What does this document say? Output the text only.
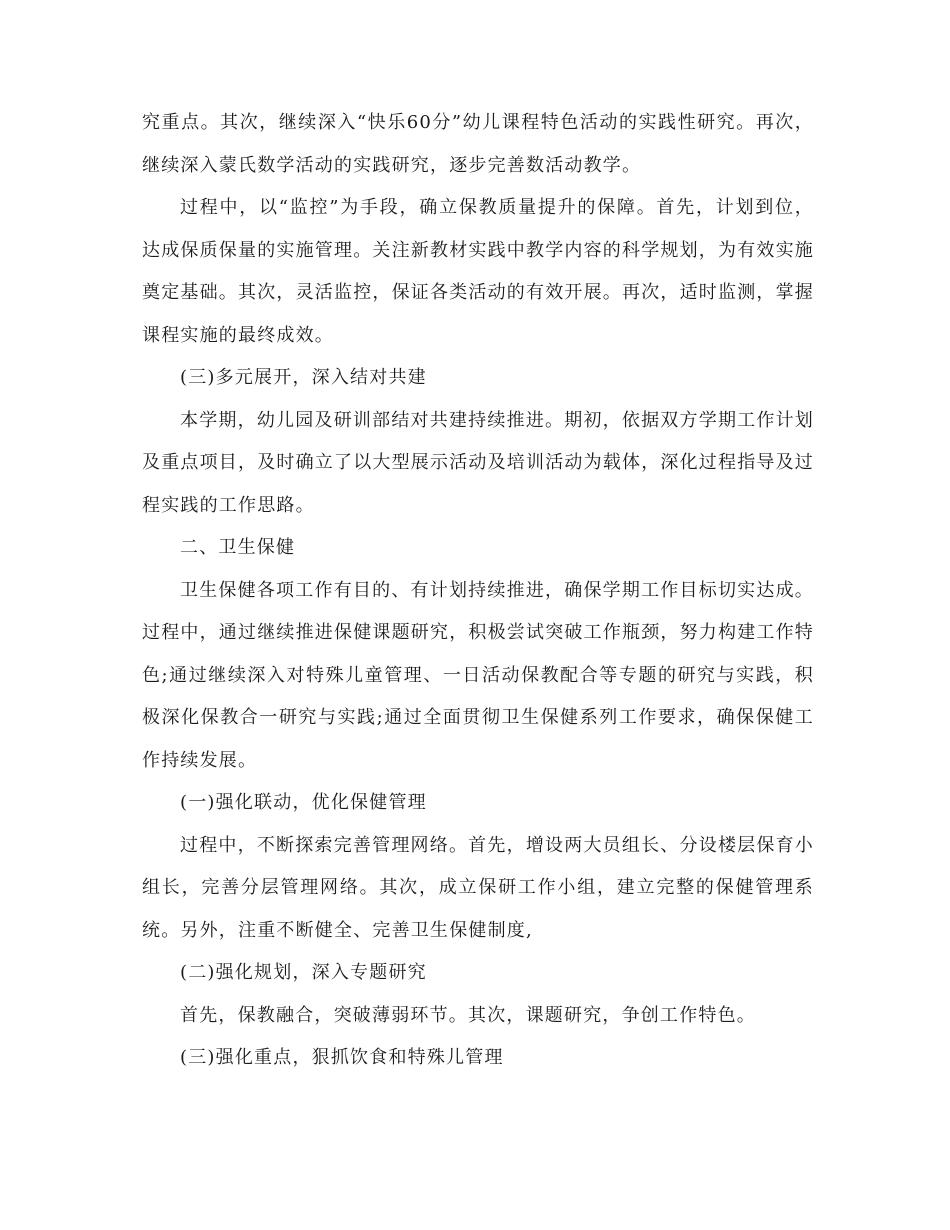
究重点。其次，继续深入“快乐60分”幼儿课程特色活动的实践性研究。再次，继续深入蒙氏数学活动的实践研究，逐步完善数活动教学。

过程中，以“监控”为手段，确立保教质量提升的保障。首先，计划到位，达成保质保量的实施管理。关注新教材实践中教学内容的科学规划，为有效实施奠定基础。其次，灵活监控，保证各类活动的有效开展。再次，适时监测，掌握课程实施的最终成效。

(三)多元展开，深入结对共建

本学期，幼儿园及研训部结对共建持续推进。期初，依据双方学期工作计划及重点项目，及时确立了以大型展示活动及培训活动为载体，深化过程指导及过程实践的工作思路。

二、卫生保健

卫生保健各项工作有目的、有计划持续推进，确保学期工作目标切实达成。过程中，通过继续推进保健课题研究，积极尝试突破工作瓶颈，努力构建工作特色;通过继续深入对特殊儿童管理、一日活动保教配合等专题的研究与实践，积极深化保教合一研究与实践;通过全面贯彻卫生保健系列工作要求，确保保健工作持续发展。

(一)强化联动，优化保健管理

过程中，不断探索完善管理网络。首先，增设两大员组长、分设楼层保育小组长，完善分层管理网络。其次，成立保研工作小组，建立完整的保健管理系统。另外，注重不断健全、完善卫生保健制度,

(二)强化规划，深入专题研究

首先，保教融合，突破薄弱环节。其次，课题研究，争创工作特色。

(三)强化重点，狠抓饮食和特殊儿管理
